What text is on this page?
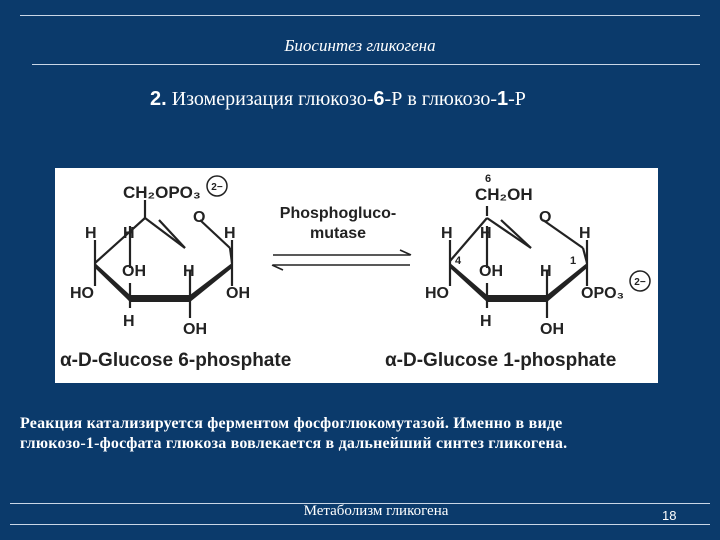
Биосинтез гликогена
2. Изомеризация глюкозо-6-Р в глюкозо-1-Р
CH₂OPO₃ 2−
O
H	H
H
OH H
HO	OH
H	OH
α-D-Glucose 6-phosphate
Phosphogluco-
mutase
6
CH₂OH
O
H H	H
4	1
OH H
HO	OPO₃
2−
H	OH
α-D-Glucose 1-phosphate
Реакция катализируется ферментом фосфоглюкомутазой. Именно в виде
глюкозо-1-фосфата глюкоза вовлекается в дальнейший синтез гликогена.
Метаболизм гликогена	18
